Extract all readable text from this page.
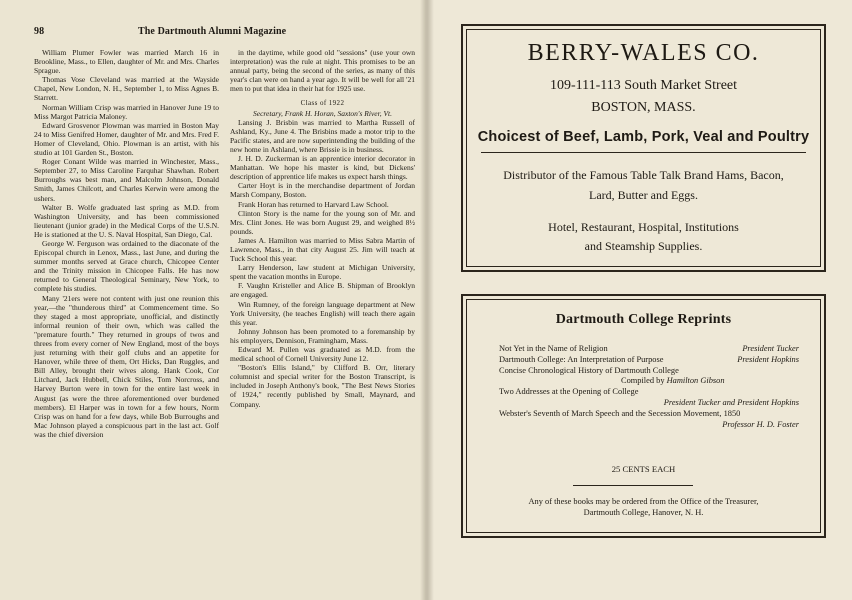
98	The Dartmouth Alumni Magazine

William Plumer Fowler was married March 16 in Brookline, Mass., to Ellen, daughter of Mr. and Mrs. Charles Sprague.

Thomas Vose Cleveland was married at the Wayside Chapel, New London, N. H., September 1, to Miss Agnes B. Starrett.

Norman William Crisp was married in Hanover June 19 to Miss Margot Patricia Maloney.

Edward Grosvenor Plowman was married in Boston May 24 to Miss Genifred Homer, daughter of Mr. and Mrs. Fred F. Homer of Cleveland, Ohio. Plowman is an artist, with his studio at 101 Garden St., Boston.

Roger Conant Wilde was married in Winchester, Mass., September 27, to Miss Caroline Farquhar Shawhan. Robert Burroughs was best man, and Malcolm Johnson, Donald Smith, James Chilcott, and Charles Kerwin were among the ushers.

Walter B. Wolfe graduated last spring as M.D. from Washington University, and has been commissioned lieutenant (junior grade) in the Medical Corps of the U.S.N. He is stationed at the U. S. Naval Hospital, San Diego, Cal.

George W. Ferguson was ordained to the diaconate of the Episcopal church in Lenox, Mass., last June, and during the summer months served at Grace church, Chicopee Center and the Trinity mission in Chicopee Falls. He has now returned to General Theological Seminary, New York, to complete his studies.

Many '21ers were not content with just one reunion this year,—the "thunderous third" at Commencement time. So they staged a most appropriate, unofficial, and distinctly informal reunion of their own, which was called the "premature fourth." They returned in groups of twos and threes from every corner of New England, most of the boys just returning with their golf clubs and an appetite for Hanover, while three of them, Ort Hicks, Dan Ruggles, and Bill Alley, brought their wives along. Hank Cook, Cor Litchard, Jack Hubbell, Chick Stiles, Tom Norcross, and Harvey Burton were in town for the entire last week in August (as were the three aforementioned over burdened members). El Harper was in town for a few hours, Norm Crisp was on hand for a few days, while Bob Burroughs and Mac Johnson played a conspicuous part in the last act. Golf was the chief diversion

in the daytime, while good old "sessions" (use your own interpretation) was the rule at night. This promises to be an annual party, being the second of the series, as many of this year's clan were on hand a year ago. It will be well for all '21 men to put that idea in their hat for 1925 use.

Class of 1922

Secretary, Frank H. Horan, Saxton's River, Vt.

Lansing J. Brisbin was married to Martha Russell of Ashland, Ky., June 4. The Brisbins made a motor trip to the Pacific states, and are now superintending the building of the new home in Ashland, where Brissie is in business.

J. H. D. Zuckerman is an apprentice interior decorator in Manhattan. We hope his master is kind, but Dickens' description of apprentice life makes us expect harsh things.

Carter Hoyt is in the merchandise department of Jordan Marsh Company, Boston.

Frank Horan has returned to Harvard Law School.

Clinton Story is the name for the young son of Mr. and Mrs. Clint Jones. He was born August 29, and weighed 8½ pounds.

James A. Hamilton was married to Miss Sabra Martin of Lawrence, Mass., in that city August 25. Jim will teach at Tuck School this year.

Larry Henderson, law student at Michigan University, spent the vacation months in Europe.

F. Vaughn Kristeller and Alice B. Shipman of Brooklyn are engaged.

Win Rumney, of the foreign language department at New York University, (he teaches English) will teach there again this year.

Johnny Johnson has been promoted to a foremanship by his employers, Dennison, Framingham, Mass.

Edward M. Pullen was graduated as M.D. from the medical school of Cornell University June 12.

"Boston's Ellis Island," by Clifford B. Orr, literary columnist and special writer for the Boston Transcript, is included in Joseph Anthony's book, "The Best News Stories of 1924," recently published by Small, Maynard, and Company.

BERRY-WALES CO.
109-111-113 South Market Street
BOSTON, MASS.
Choicest of Beef, Lamb, Pork, Veal and Poultry
Distributor of the Famous Table Talk Brand Hams, Bacon,
Lard, Butter and Eggs.
Hotel, Restaurant, Hospital, Institutions
and Steamship Supplies.
Dartmouth College Reprints
Not Yet in the Name of Religion	President Tucker
Dartmouth College: An Interpretation of Purpose	President Hopkins
Concise Chronological History of Dartmouth College
Compiled by Hamilton Gibson
Two Addresses at the Opening of College
President Tucker and President Hopkins
Webster's Seventh of March Speech and the Secession Movement, 1850
Professor H. D. Foster
25 CENTS EACH
Any of these books may be ordered from the Office of the Treasurer,
Dartmouth College, Hanover, N. H.
